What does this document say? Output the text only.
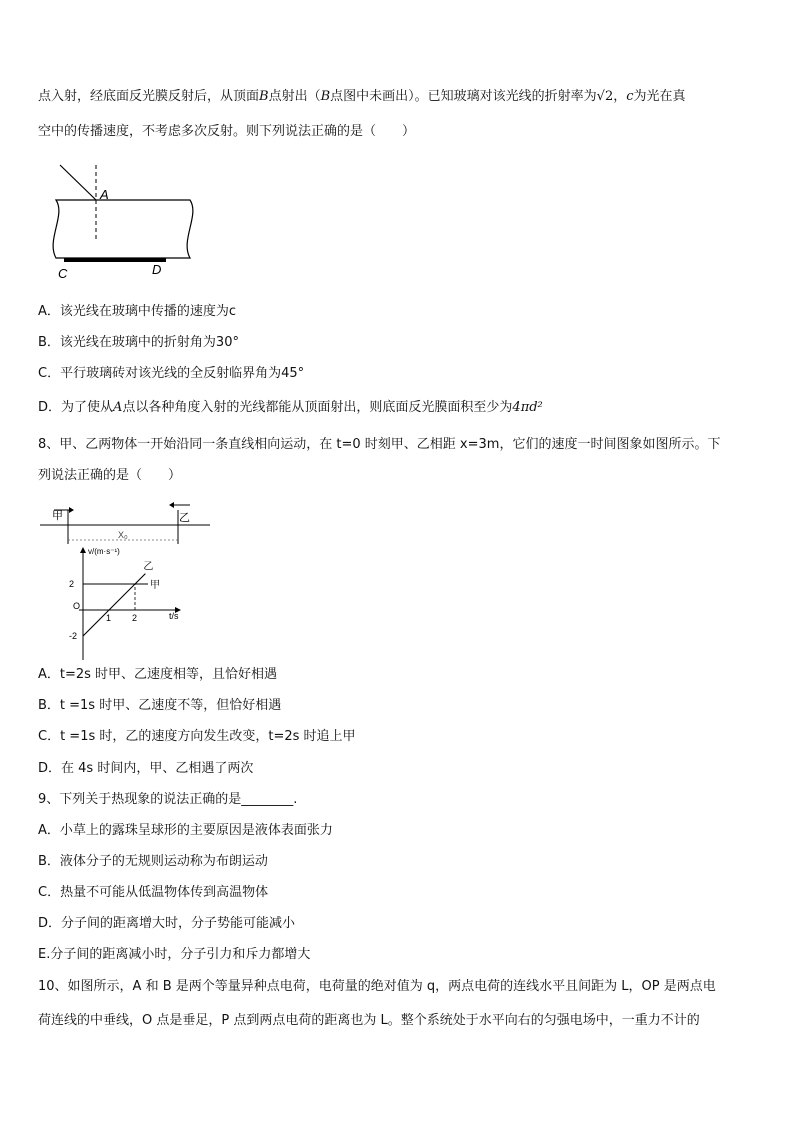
点入射，经底面反光膜反射后，从顶面B点射出（B点图中未画出）。已知玻璃对该光线的折射率为√2，c为光在真
空中的传播速度，不考虑多次反射。则下列说法正确的是（　　）
A
C	D
A．该光线在玻璃中传播的速度为c
B．该光线在玻璃中的折射角为30°
C．平行玻璃砖对该光线的全反射临界角为45°
D．为了使从A点以各种角度入射的光线都能从顶面射出，则底面反光膜面积至少为4πd²
8、甲、乙两物体一开始沿同一条直线相向运动，在 t=0 时刻甲、乙相距 x=3m，它们的速度一时间图象如图所示。下
列说法正确的是（　　）
甲	乙
X₀
v/(m·s⁻¹)
t/s
O
2
-2
1 2
甲
乙
A．t=2s 时甲、乙速度相等，且恰好相遇
B．t =1s 时甲、乙速度不等，但恰好相遇
C．t =1s 时，乙的速度方向发生改变，t=2s 时追上甲
D．在 4s 时间内，甲、乙相遇了两次
9、下列关于热现象的说法正确的是________.
A．小草上的露珠呈球形的主要原因是液体表面张力
B．液体分子的无规则运动称为布朗运动
C．热量不可能从低温物体传到高温物体
D．分子间的距离增大时，分子势能可能减小
E.分子间的距离减小时，分子引力和斥力都增大
10、如图所示，A 和 B 是两个等量异种点电荷，电荷量的绝对值为 q，两点电荷的连线水平且间距为 L，OP 是两点电
荷连线的中垂线，O 点是垂足，P 点到两点电荷的距离也为 L。整个系统处于水平向右的匀强电场中，一重力不计的
